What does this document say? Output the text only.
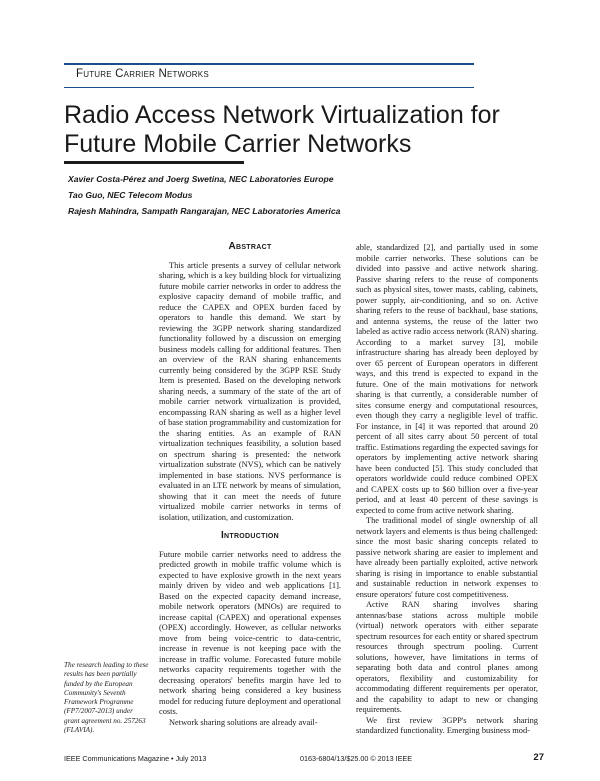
Future Carrier Networks
Radio Access Network Virtualization for Future Mobile Carrier Networks
Xavier Costa-Pérez and Joerg Swetina, NEC Laboratories Europe
Tao Guo, NEC Telecom Modus
Rajesh Mahindra, Sampath Rangarajan, NEC Laboratories America
Abstract

This article presents a survey of cellular network sharing, which is a key building block for virtualizing future mobile carrier networks in order to address the explosive capacity demand of mobile traffic, and reduce the CAPEX and OPEX burden faced by operators to handle this demand. We start by reviewing the 3GPP network sharing standardized functionality followed by a discussion on emerging business models calling for additional features. Then an overview of the RAN sharing enhancements currently being considered by the 3GPP RSE Study Item is presented. Based on the developing network sharing needs, a summary of the state of the art of mobile carrier network virtualization is provided, encompassing RAN sharing as well as a higher level of base station programmability and customization for the sharing entities. As an example of RAN virtualization techniques feasibility, a solution based on spectrum sharing is presented: the network virtualization substrate (NVS), which can be natively implemented in base stations. NVS performance is evaluated in an LTE network by means of simulation, showing that it can meet the needs of future virtualized mobile carrier networks in terms of isolation, utilization, and customization.

Introduction

Future mobile carrier networks need to address the predicted growth in mobile traffic volume which is expected to have explosive growth in the next years mainly driven by video and web applications [1]. Based on the expected capacity demand increase, mobile network operators (MNOs) are required to increase capital (CAPEX) and operational expenses (OPEX) accordingly. However, as cellular networks move from being voice-centric to data-centric, increase in revenue is not keeping pace with the increase in traffic volume. Forecasted future mobile networks capacity requirements together with the decreasing operators' benefits margin have led to network sharing being considered a key business model for reducing future deployment and operational costs.

Network sharing solutions are already avail-

able, standardized [2], and partially used in some mobile carrier networks. These solutions can be divided into passive and active network sharing. Passive sharing refers to the reuse of components such as physical sites, tower masts, cabling, cabinets, power supply, air-conditioning, and so on. Active sharing refers to the reuse of backhaul, base stations, and antenna systems, the reuse of the latter two labeled as active radio access network (RAN) sharing. According to a market survey [3], mobile infrastructure sharing has already been deployed by over 65 percent of European operators in different ways, and this trend is expected to expand in the future. One of the main motivations for network sharing is that currently, a considerable number of sites consume energy and computational resources, even though they carry a negligible level of traffic. For instance, in [4] it was reported that around 20 percent of all sites carry about 50 percent of total traffic. Estimations regarding the expected savings for operators by implementing active network sharing have been conducted [5]. This study concluded that operators worldwide could reduce combined OPEX and CAPEX costs up to $60 billion over a five-year period, and at least 40 percent of these savings is expected to come from active network sharing.

The traditional model of single ownership of all network layers and elements is thus being challenged: since the most basic sharing concepts related to passive network sharing are easier to implement and have already been partially exploited, active network sharing is rising in importance to enable substantial and sustainable reduction in network expenses to ensure operators' future cost competitiveness.

Active RAN sharing involves sharing antennas/base stations across multiple mobile (virtual) network operators with either separate spectrum resources for each entity or shared spectrum resources through spectrum pooling. Current solutions, however, have limitations in terms of separating both data and control planes among operators, flexibility and customizability for accommodating different requirements per operator, and the capability to adapt to new or changing requirements.

We first review 3GPP's network sharing standardized functionality. Emerging business mod-

The research leading to these results has been partially funded by the European Community's Seventh Framework Programme (FP7/2007-2013) under grant agreement no. 257263 (FLAVIA).
IEEE Communications Magazine • July 2013	0163-6804/13/$25.00 © 2013 IEEE	27
